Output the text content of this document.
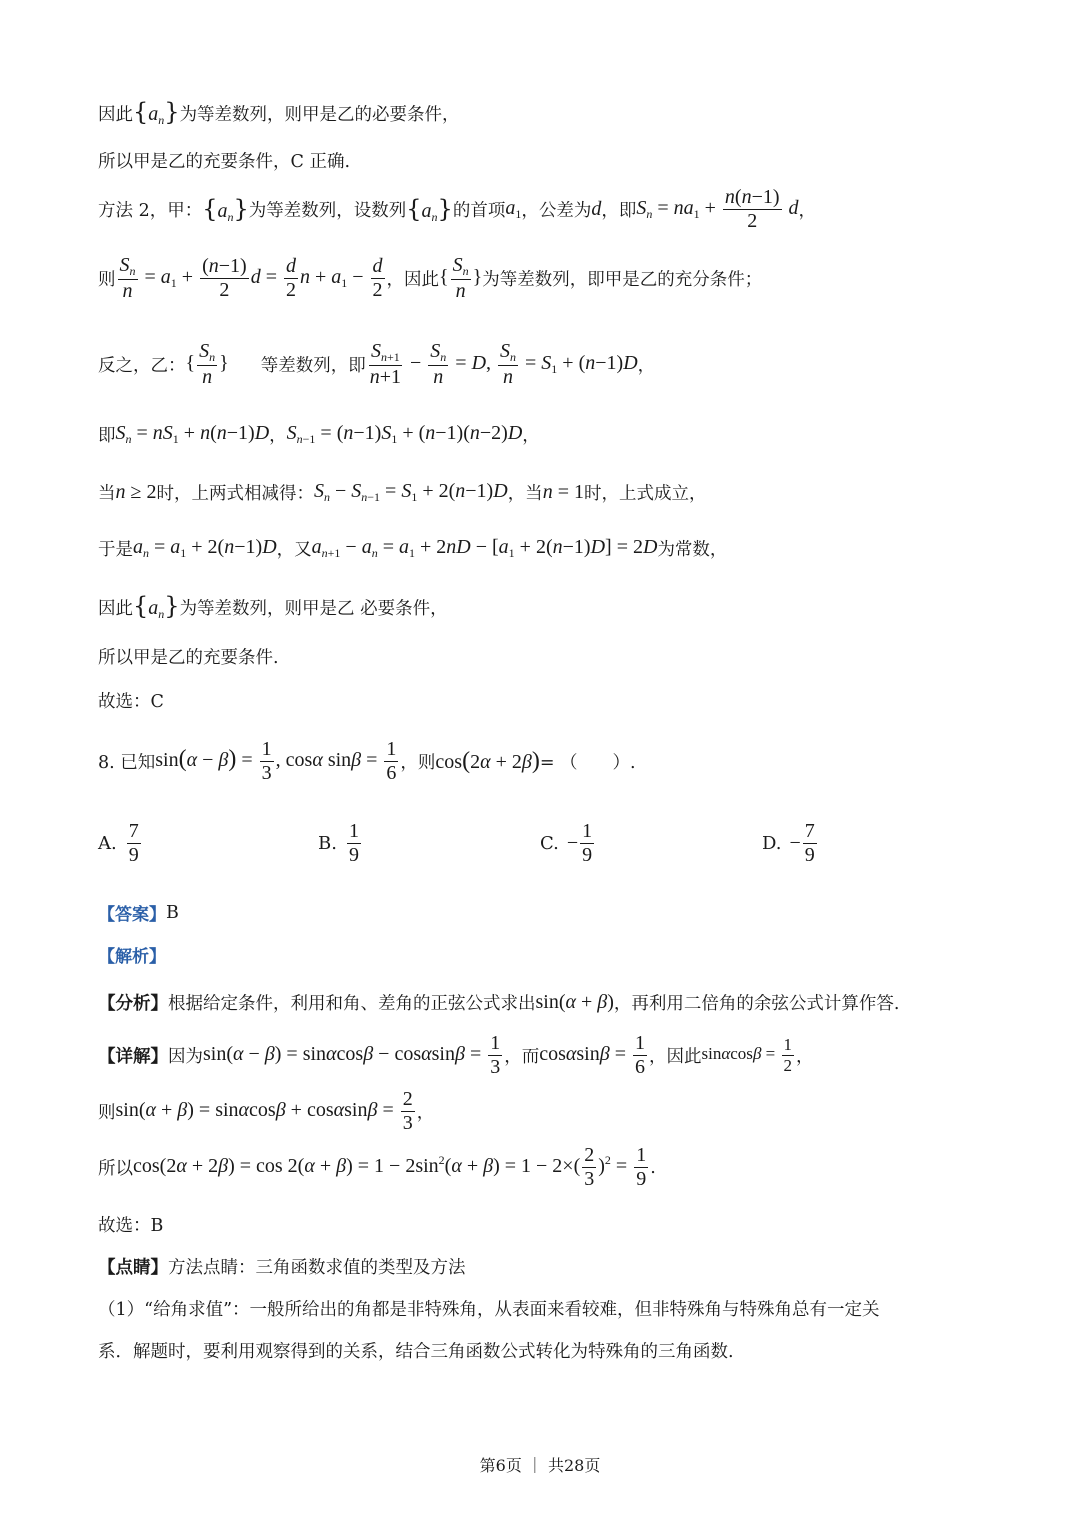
因此 $\{a_n\}$ 为等差数列，则甲是乙的必要条件，
所以甲是乙的充要条件，C 正确.
方法 2，甲： $\{a_n\}$ 为等差数列，设数列 $\{a_n\}$ 的首项 $a_1$ ，公差为 d ，即 $S_n = na_1 + \frac{n(n-1)}{2}$ d ，
则 $\frac{S_n}{n} = a_1 + \frac{(n-1)}{2}$ $d = \frac{d}{2}$ $n + a_1 - \frac{d}{2}$ ，因此 { $\frac{S_n}{n}$ } 为等差数列，即甲是乙的充分条件；
反之，乙： { $\frac{S_n}{n}$ } 等差数列，即 $\frac{S_{n+1}}{n+1} - \frac{S_n}{n} = D$, $\frac{S_n}{n} = S_1 + (n-1)D$ ，
即 $S_n = nS_1 + n(n-1)D$ ， $S_{n-1} = (n-1)S_1 + (n-1)(n-2)D$ ，
当 n ≥ 2 时，上两式相减得： $S_n - S_{n-1} = S_1 + 2(n-1)D$ ，当 n = 1 时，上式成立，
于是 $a_n = a_1 + 2(n-1)D$ ，又 $a_{n+1} - a_n = a_1 + 2nD - [a_1 + 2(n-1)D] = 2D$ 为常数，
因此 $\{a_n\}$ 为等差数列，则甲是乙 必要条件，
所以甲是乙的充要条件.
故选：C
8. 已知 $\sin(\alpha - \beta) = \frac{1}{3}$ , cosα $\sin\beta = \frac{1}{6}$ ，则 cos(2α + 2β) = （　　）.
A. $\frac{7}{9}$	B. $\frac{1}{9}$	C. − $\frac{1}{9}$	D. − $\frac{7}{9}$
【答案】 B
【解析】
【分析】 根据给定条件，利用和角、差角的正弦公式求出 sin(α + β) ，再利用二倍角的余弦公式计算作答.
【详解】 因为 $\sin(\alpha - \beta) = \sin\alpha\cos\beta - \cos\alpha\sin\beta = \frac{1}{3}$ ，而 $\cos\alpha\sin\beta = \frac{1}{6}$ ，因此 $\sin\alpha\cos\beta = \frac{1}{2}$ ，
则 $\sin(\alpha + \beta) = \sin\alpha\cos\beta + \cos\alpha\sin\beta = \frac{2}{3}$ ，
所以 $\cos(2\alpha + 2\beta) = \cos 2(\alpha + \beta) = 1 - 2\sin^2(\alpha + \beta) = 1 - 2\times( \frac{2}{3} )^2 = \frac{1}{9}$ .
故选：B
【点睛】 方法点睛：三角函数求值的类型及方法
（1）“给角求值”：一般所给出的角都是非特殊角，从表面来看较难，但非特殊角与特殊角总有一定关
系．解题时，要利用观察得到的关系，结合三角函数公式转化为特殊角的三角函数.
第6页 ｜ 共28页
